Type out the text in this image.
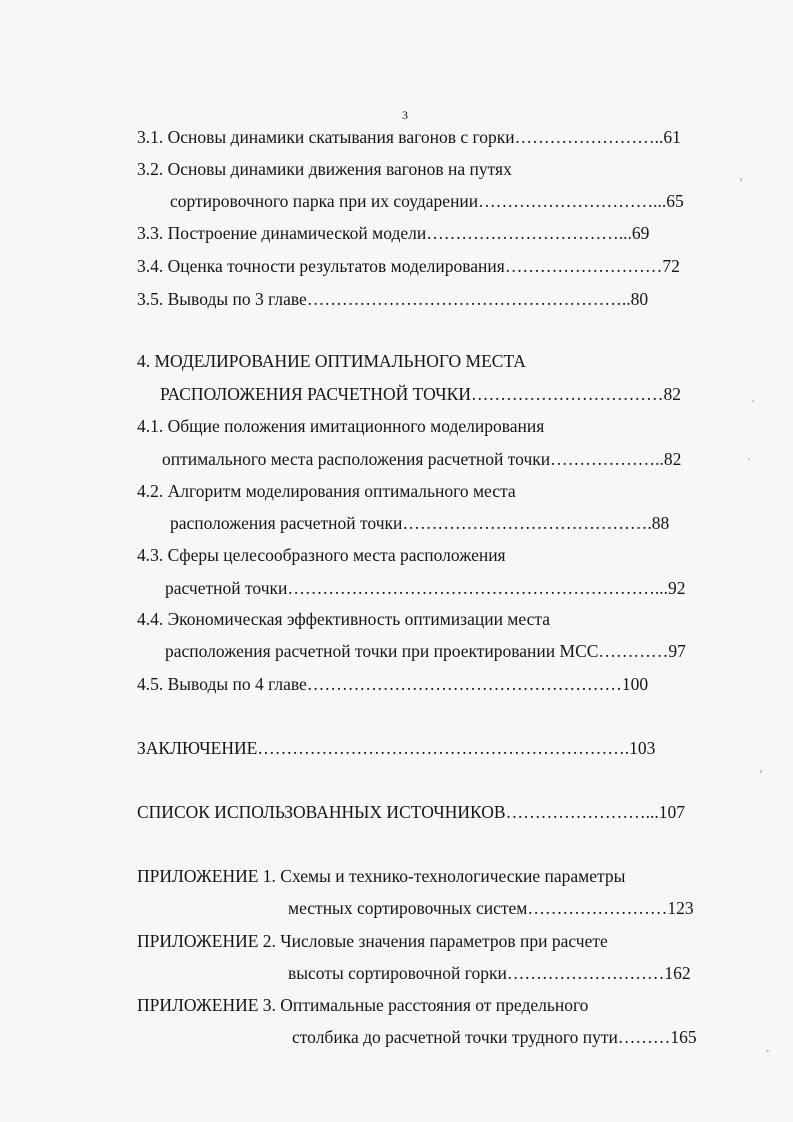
3
3.1. Основы динамики скатывания вагонов с горки……………………..61
3.2. Основы динамики движения вагонов на путях
сортировочного парка при их соударении…………………………...65
3.3. Построение динамической модели……………………………...69
3.4. Оценка точности результатов моделирования………………………72
3.5. Выводы по 3 главе………………………………………………..80
4. МОДЕЛИРОВАНИЕ ОПТИМАЛЬНОГО МЕСТА
РАСПОЛОЖЕНИЯ РАСЧЕТНОЙ ТОЧКИ……………………………82
4.1. Общие положения имитационного моделирования
оптимального места расположения расчетной точки………………..82
4.2. Алгоритм моделирования оптимального места
расположения расчетной точки…………………………………….88
4.3. Сферы целесообразного места расположения
расчетной точки………………………………………………………...92
4.4. Экономическая эффективность оптимизации места
расположения расчетной точки при проектировании МСС…………97
4.5. Выводы по 4 главе………………………………………………100
ЗАКЛЮЧЕНИЕ……………………………………………………….103
СПИСОК ИСПОЛЬЗОВАННЫХ ИСТОЧНИКОВ……………………...107
ПРИЛОЖЕНИЕ 1. Схемы и технико-технологические параметры
местных сортировочных систем……………………123
ПРИЛОЖЕНИЕ 2. Числовые значения параметров при расчете
высоты сортировочной горки………………………162
ПРИЛОЖЕНИЕ 3. Оптимальные расстояния от предельного
столбика до расчетной точки трудного пути………165
